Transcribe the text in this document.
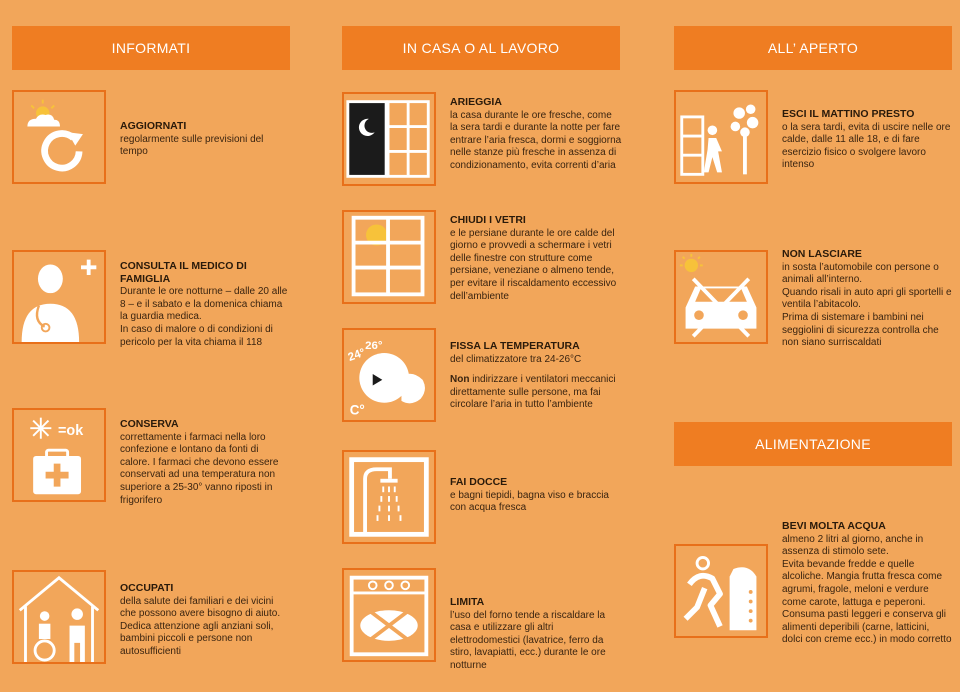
INFORMATI	IN CASA O AL LAVORO	ALL’ APERTO
ALIMENTAZIONE
AGGIORNATI
regolarmente sulle previsioni del tempo
CONSULTA IL MEDICO DI FAMIGLIA
Durante le ore notturne – dalle 20 alle 8 – e il sabato e la domenica chiama la guardia medica.
In caso di malore o di condizioni di pericolo per la vita chiama il 118
=ok	CONSERVA
correttamente i farmaci nella loro confezione e lontano da fonti di calore. I farmaci che devono essere conservati ad una temperatura non superiore a 25-30° vanno riposti in frigorifero
OCCUPATI
della salute dei familiari e dei vicini che possono avere bisogno di aiuto. Dedica attenzione agli anziani soli, bambini piccoli e persone non autosufficienti
ARIEGGIA
la casa durante le ore fresche, come la sera tardi e durante la notte per fare entrare l’aria fresca, dormi e soggiorna nelle stanze più fresche in assenza di condizionamento, evita correnti d’aria
CHIUDI I VETRI
e le persiane durante le ore calde del giorno e provvedi a schermare i vetri delle finestre con strutture come persiane, veneziane o almeno tende, per evitare il riscaldamento eccessivo dell’ambiente
24°
26°
C°
FISSA LA TEMPERATURA
del climatizzatore tra 24-26°C
Non indirizzare i ventilatori meccanici direttamente sulle persone, ma fai circolare l’aria in tutto l’ambiente
FAI DOCCE
e bagni tiepidi, bagna viso e braccia con acqua fresca
LIMITA
l’uso del forno tende a riscaldare la casa e utilizzare gli altri elettrodomestici (lavatrice, ferro da stiro, lavapiatti, ecc.) durante le ore notturne
ESCI IL MATTINO PRESTO
o la sera tardi, evita di uscire nelle ore calde, dalle 11 alle 18, e di fare esercizio fisico o svolgere lavoro intenso
NON LASCIARE
in sosta l’automobile con persone o animali all’interno.
Quando risali in auto apri gli sportelli e ventila l’abitacolo.
Prima di sistemare i bambini nei seggiolini di sicurezza controlla che non siano surriscaldati
BEVI MOLTA ACQUA
almeno 2 litri al giorno, anche in assenza di stimolo sete.
Evita bevande fredde e quelle alcoliche. Mangia frutta fresca come agrumi, fragole, meloni e verdure come carote, lattuga e peperoni. Consuma pasti leggeri e conserva gli alimenti deperibili (carne, latticini, dolci con creme ecc.) in modo corretto
